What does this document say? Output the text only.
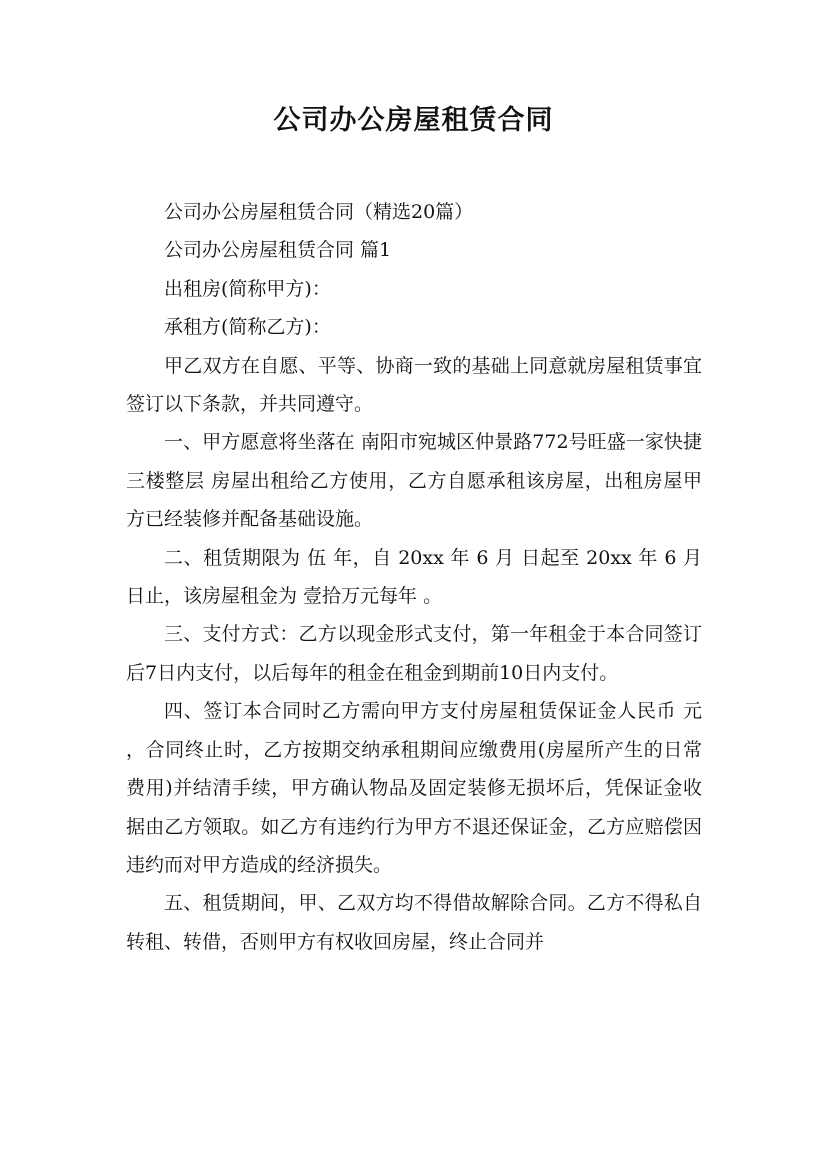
公司办公房屋租赁合同

公司办公房屋租赁合同（精选20篇）

公司办公房屋租赁合同 篇1

出租房(简称甲方)：

承租方(简称乙方)：

甲乙双方在自愿、平等、协商一致的基础上同意就房屋租赁事宜签订以下条款，并共同遵守。

一、甲方愿意将坐落在 南阳市宛城区仲景路772号旺盛一家快捷三楼整层 房屋出租给乙方使用，乙方自愿承租该房屋，出租房屋甲方已经装修并配备基础设施。

二、租赁期限为 伍 年，自 20xx 年 6 月 日起至 20xx 年 6 月 日止，该房屋租金为 壹拾万元每年 。

三、支付方式：乙方以现金形式支付，第一年租金于本合同签订后7日内支付，以后每年的租金在租金到期前10日内支付。

四、签订本合同时乙方需向甲方支付房屋租赁保证金人民币 元 ，合同终止时，乙方按期交纳承租期间应缴费用(房屋所产生的日常费用)并结清手续，甲方确认物品及固定装修无损坏后，凭保证金收据由乙方领取。如乙方有违约行为甲方不退还保证金，乙方应赔偿因违约而对甲方造成的经济损失。

五、租赁期间，甲、乙双方均不得借故解除合同。乙方不得私自转租、转借，否则甲方有权收回房屋，终止合同并
